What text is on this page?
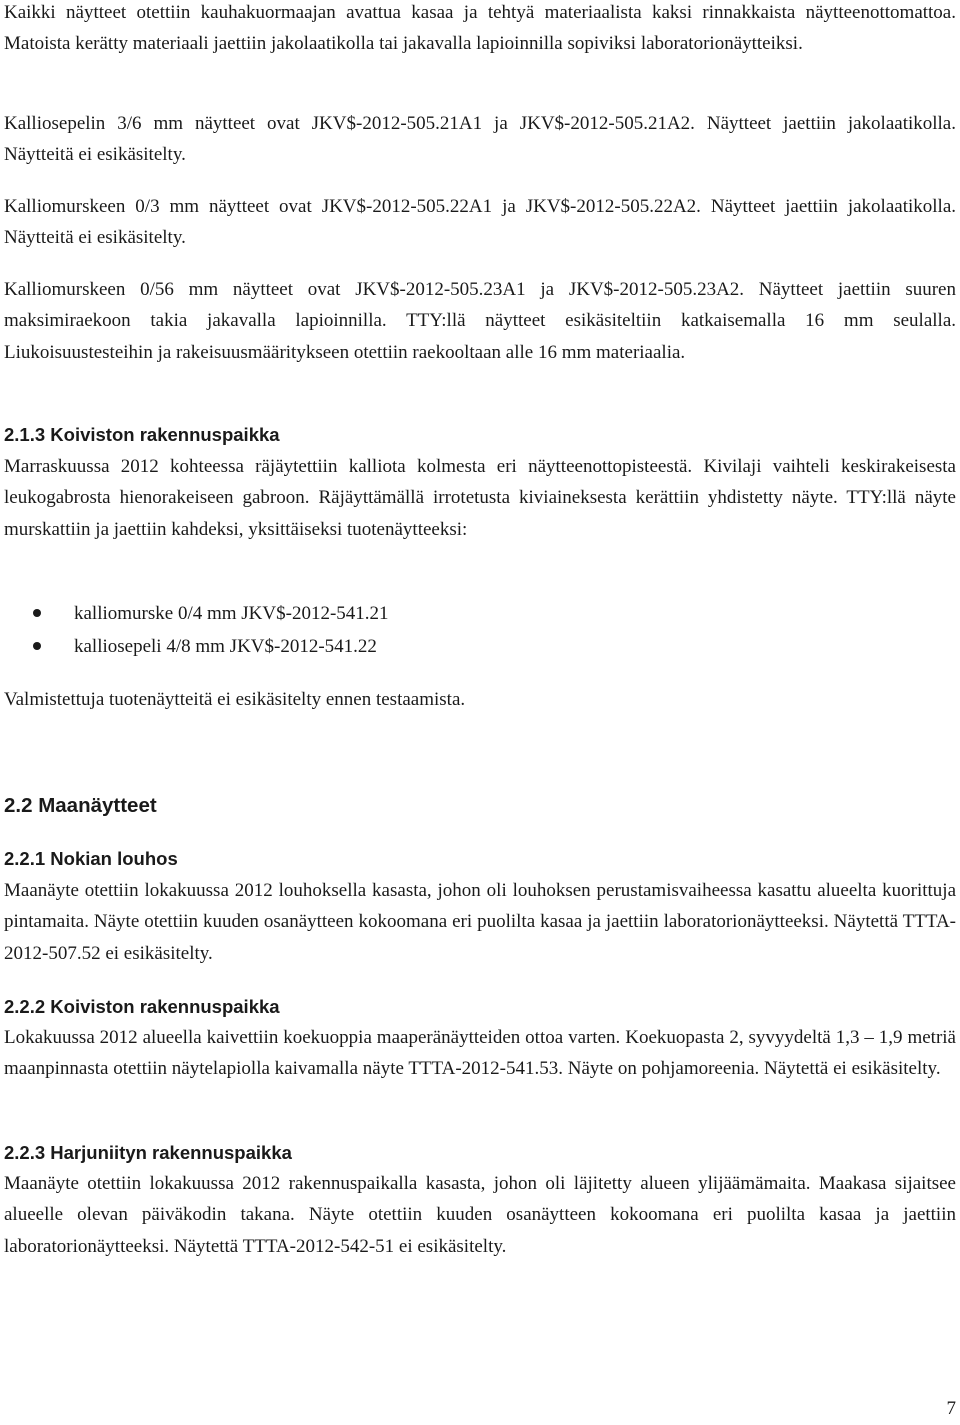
Kaikki näytteet otettiin kauhakuormaajan avattua kasaa ja tehtyä materiaalista kaksi rinnakkaista näytteenottomattoa. Matoista kerätty materiaali jaettiin jakolaatikolla tai jakavalla lapioinnilla sopiviksi laboratorionäytteiksi.

Kalliosepelin 3/6 mm näytteet ovat JKV$-2012-505.21A1 ja JKV$-2012-505.21A2. Näytteet jaettiin jakolaatikolla. Näytteitä ei esikäsitelty.

Kalliomurskeen 0/3 mm näytteet ovat JKV$-2012-505.22A1 ja JKV$-2012-505.22A2. Näytteet jaettiin jakolaatikolla. Näytteitä ei esikäsitelty.

Kalliomurskeen 0/56 mm näytteet ovat JKV$-2012-505.23A1 ja JKV$-2012-505.23A2. Näytteet jaettiin suuren maksimiraekoon takia jakavalla lapioinnilla. TTY:llä näytteet esikäsiteltiin katkaisemalla 16 mm seulalla. Liukoisuustesteihin ja rakeisuusmääritykseen otettiin raekooltaan alle 16 mm materiaalia.

2.1.3 Koiviston rakennuspaikka

Marraskuussa 2012 kohteessa räjäytettiin kalliota kolmesta eri näytteenottopisteestä. Kivilaji vaihteli keskirakeisesta leukogabrosta hienorakeiseen gabroon. Räjäyttämällä irrotetusta kiviaineksesta kerättiin yhdistetty näyte. TTY:llä näyte murskattiin ja jaettiin kahdeksi, yksittäiseksi tuotenäytteeksi:

kalliomurske 0/4 mm JKV$-2012-541.21
kalliosepeli 4/8 mm JKV$-2012-541.22

Valmistettuja tuotenäytteitä ei esikäsitelty ennen testaamista.

2.2 Maanäytteet
2.2.1 Nokian louhos

Maanäyte otettiin lokakuussa 2012 louhoksella kasasta, johon oli louhoksen perustamisvaiheessa kasattu alueelta kuorittuja pintamaita. Näyte otettiin kuuden osanäytteen kokoomana eri puolilta kasaa ja jaettiin laboratorionäytteeksi. Näytettä TTTA-2012-507.52 ei esikäsitelty.

2.2.2 Koiviston rakennuspaikka

Lokakuussa 2012 alueella kaivettiin koekuoppia maaperänäytteiden ottoa varten. Koekuopasta 2, syvyydeltä 1,3 – 1,9 metriä maanpinnasta otettiin näytelapiolla kaivamalla näyte TTTA-2012-541.53. Näyte on pohjamoreenia. Näytettä ei esikäsitelty.

2.2.3 Harjuniityn rakennuspaikka

Maanäyte otettiin lokakuussa 2012 rakennuspaikalla kasasta, johon oli läjitetty alueen ylijäämämaita. Maakasa sijaitsee alueelle olevan päiväkodin takana. Näyte otettiin kuuden osanäytteen kokoomana eri puolilta kasaa ja jaettiin laboratorionäytteeksi. Näytettä TTTA-2012-542-51 ei esikäsitelty.

7
